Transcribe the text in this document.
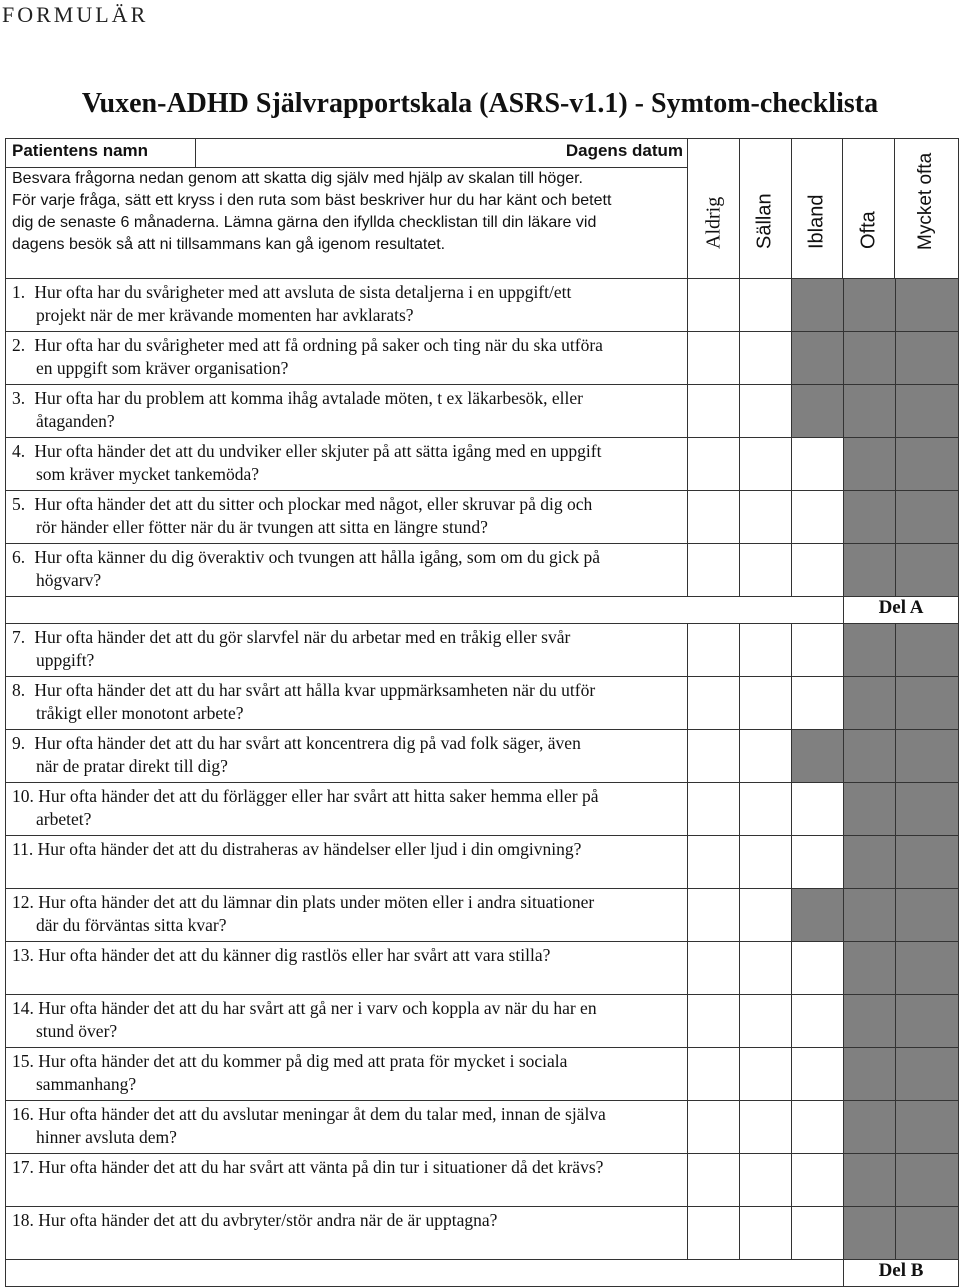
FORMULÄR
Vuxen-ADHD Självrapportskala (ASRS-v1.1) - Symtom-checklista
Patientens namn	Dagens datum	
Aldrig	Sällan	Ibland	Ofta	Mycket ofta

Besvara frågorna nedan genom att skatta dig själv med hjälp av skalan till höger.
För varje fråga, sätt ett kryss i den ruta som bäst beskriver hur du har känt och betett
dig de senaste 6 månaderna. Lämna gärna den ifyllda checklistan till din läkare vid
dagens besök så att ni tillsammans kan gå igenom resultatet.

1. Hur ofta har du svårigheter med att avsluta de sista detaljerna i en uppgift/ett
projekt när de mer krävande momenten har avklarats?

2. Hur ofta har du svårigheter med att få ordning på saker och ting när du ska utföra
en uppgift som kräver organisation?

3. Hur ofta har du problem att komma ihåg avtalade möten, t ex läkarbesök, eller
åtaganden?

4. Hur ofta händer det att du undviker eller skjuter på att sätta igång med en uppgift
som kräver mycket tankemöda?

5. Hur ofta händer det att du sitter och plockar med något, eller skruvar på dig och
rör händer eller fötter när du är tvungen att sitta en längre stund?

6. Hur ofta känner du dig överaktiv och tvungen att hålla igång, som om du gick på
högvarv?

	Del A
7. Hur ofta händer det att du gör slarvfel när du arbetar med en tråkig eller svår
uppgift?

8. Hur ofta händer det att du har svårt att hålla kvar uppmärksamheten när du utför
tråkigt eller monotont arbete?

9. Hur ofta händer det att du har svårt att koncentrera dig på vad folk säger, även
när de pratar direkt till dig?

10. Hur ofta händer det att du förlägger eller har svårt att hitta saker hemma eller på
arbetet?

11. Hur ofta händer det att du distraheras av händelser eller ljud i din omgivning?

12. Hur ofta händer det att du lämnar din plats under möten eller i andra situationer
där du förväntas sitta kvar?

13. Hur ofta händer det att du känner dig rastlös eller har svårt att vara stilla?

14. Hur ofta händer det att du har svårt att gå ner i varv och koppla av när du har en
stund över?

15. Hur ofta händer det att du kommer på dig med att prata för mycket i sociala
sammanhang?

16. Hur ofta händer det att du avslutar meningar åt dem du talar med, innan de själva
hinner avsluta dem?

17. Hur ofta händer det att du har svårt att vänta på din tur i situationer då det krävs?

18. Hur ofta händer det att du avbryter/stör andra när de är upptagna?

	Del B
